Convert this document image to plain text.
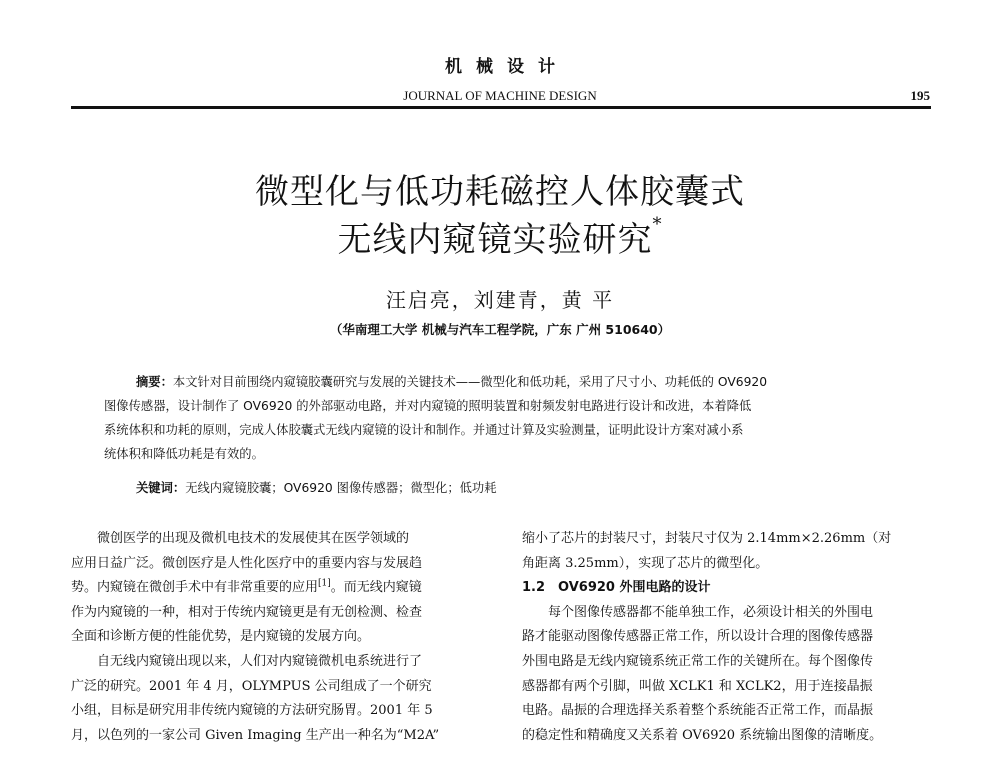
机械设计
JOURNAL OF MACHINE DESIGN	195
微型化与低功耗磁控人体胶囊式
无线内窥镜实验研究*
汪启亮，刘建青，黄 平
（华南理工大学 机械与汽车工程学院，广东 广州 510640）
摘要：本文针对目前围绕内窥镜胶囊研究与发展的关键技术——微型化和低功耗，采用了尺寸小、功耗低的 OV6920
图像传感器，设计制作了 OV6920 的外部驱动电路，并对内窥镜的照明装置和射频发射电路进行设计和改进，本着降低
系统体积和功耗的原则，完成人体胶囊式无线内窥镜的设计和制作。并通过计算及实验测量，证明此设计方案对减小系
统体积和降低功耗是有效的。
关键词：无线内窥镜胶囊；OV6920 图像传感器；微型化；低功耗
微创医学的出现及微机电技术的发展使其在医学领域的
应用日益广泛。微创医疗是人性化医疗中的重要内容与发展趋
势。内窥镜在微创手术中有非常重要的应用[1]。而无线内窥镜
作为内窥镜的一种，相对于传统内窥镜更是有无创检测、检查
全面和诊断方便的性能优势，是内窥镜的发展方向。
自无线内窥镜出现以来，人们对内窥镜微机电系统进行了
广泛的研究。2001 年 4 月，OLYMPUS 公司组成了一个研究
小组，目标是研究用非传统内窥镜的方法研究肠胃。2001 年 5
月，以色列的一家公司 Given Imaging 生产出一种名为“M2A”
缩小了芯片的封装尺寸，封装尺寸仅为 2.14mm×2.26mm（对
角距离 3.25mm），实现了芯片的微型化。
1.2　OV6920 外围电路的设计
每个图像传感器都不能单独工作，必须设计相关的外围电
路才能驱动图像传感器正常工作，所以设计合理的图像传感器
外围电路是无线内窥镜系统正常工作的关键所在。每个图像传
感器都有两个引脚，叫做 XCLK1 和 XCLK2，用于连接晶振
电路。晶振的合理选择关系着整个系统能否正常工作，而晶振
的稳定性和精确度又关系着 OV6920 系统输出图像的清晰度。
